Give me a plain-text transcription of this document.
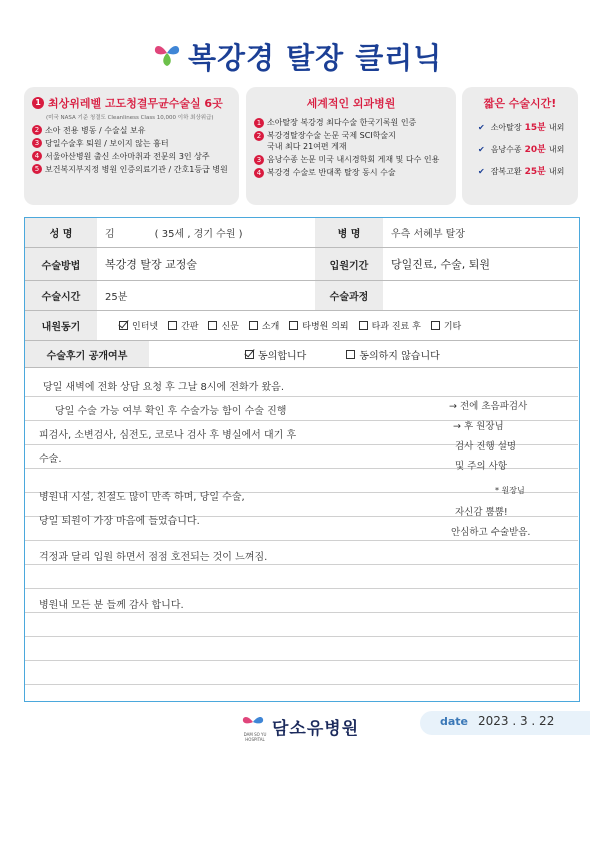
복강경 탈장 클리닉
1 최상위레벨 고도청결무균수술실 6곳
(미국 NASA 기준 청결도 Cleanliness Class 10,000 이하 최상위급)
2 소아 전용 병동 / 수술실 보유
3 당일수술후 퇴원 / 보이지 않는 흉터
4 서울아산병원 출신 소아마취과 전문의 3인 상주
5 보건복지부지정 병원 인증의료기관 / 간호1등급 병원
세계적인 외과병원
1 소아탈장 복강경 최다수술 한국기록원 인증
2 복강경탈장수술 논문 국제 SCI학술지
국내 최다 21여편 게재
3 음낭수종 논문 미국 내시경학회 게재 및 다수 인용
4 복강경 수술로 반대쪽 탈장 동시 수술
짧은 수술시간!
✔ 소아탈장 15분 내외
✔ 음낭수종 20분 내외
✔ 잠복고환 25분 내외
성 명	김	( 35세 , 경기 수원 )	병 명	우측 서혜부 탈장
수술방법	복강경 탈장 교정술	입원기간	당일진료, 수술, 퇴원
수술시간	25분	수술과정
내원동기	인터넷	간판	신문	소개	타병원 의뢰	타과 진료 후	기타
수술후기 공개여부	동의합니다	동의하지 않습니다
당일 새벽에 전화 상담 요청 후 그날 8시에 전화가 왔음.
당일 수술 가능 여부 확인 후 수술가능 함이 수술 진행
피검사, 소변검사, 심전도, 코로나 검사 후 병실에서 대기 후
수술.
병원내 시설, 친절도 많이 만족 하며, 당일 수술,
당일 퇴원이 가장 마음에 들었습니다.
걱정과 달리 입원 하면서 점점 호전되는 것이 느껴짐.
병원내 모든 분 들께 감사 합니다.
→ 전에 초음파검사
→ 후 원장님
검사 진행 설명
및 주의 사항
* 원장님
자신감 뿜뿜!
안심하고 수술받음.
DAM SO YU HOSPITAL
담소유병원	date 2023 . 3 . 22
